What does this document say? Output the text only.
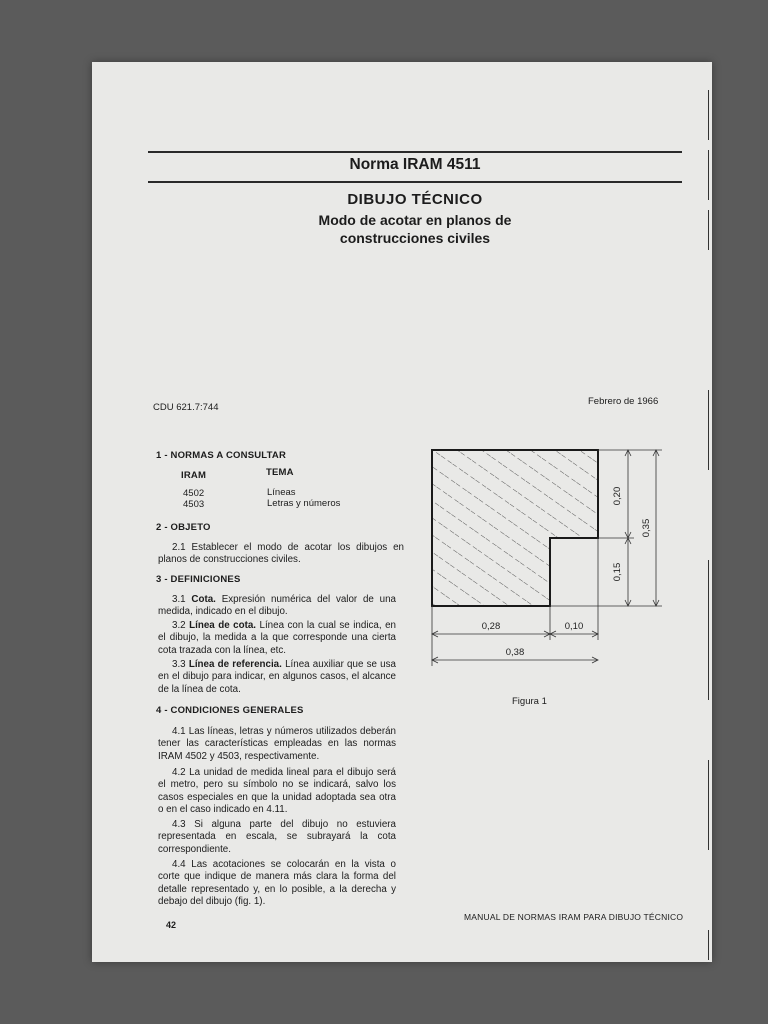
Norma IRAM 4511
DIBUJO TÉCNICO
Modo de acotar en planos de
construcciones civiles
CDU 621.7:744
Febrero de 1966
1 - NORMAS A CONSULTAR
IRAM	TEMA
4502	Líneas
4503	Letras y números
2 - OBJETO
2.1 Establecer el modo de acotar los dibujos en planos de construcciones civiles.
3 - DEFINICIONES
3.1 Cota. Expresión numérica del valor de una medida, indicado en el dibujo.
3.2 Línea de cota. Línea con la cual se indica, en el dibujo, la medida a la que corresponde una cierta cota trazada con la línea, etc.
3.3 Línea de referencia. Línea auxiliar que se usa en el dibujo para indicar, en algunos casos, el alcance de la línea de cota.
4 - CONDICIONES GENERALES
4.1 Las líneas, letras y números utilizados deberán tener las características empleadas en las normas IRAM 4502 y 4503, respectivamente.
4.2 La unidad de medida lineal para el dibujo será el metro, pero su símbolo no se indicará, salvo los casos especiales en que la unidad adoptada sea otra o en el caso indicado en 4.11.
4.3 Si alguna parte del dibujo no estuviera representada en escala, se subrayará la cota correspondiente.
4.4 Las acotaciones se colocarán en la vista o corte que indique de manera más clara la forma del detalle representado y, en lo posible, a la derecha y debajo del dibujo (fig. 1).
0,20
0,35
0,15
0,28	0,10
0,38
Figura 1
42
MANUAL DE NORMAS IRAM PARA DIBUJO TÉCNICO
